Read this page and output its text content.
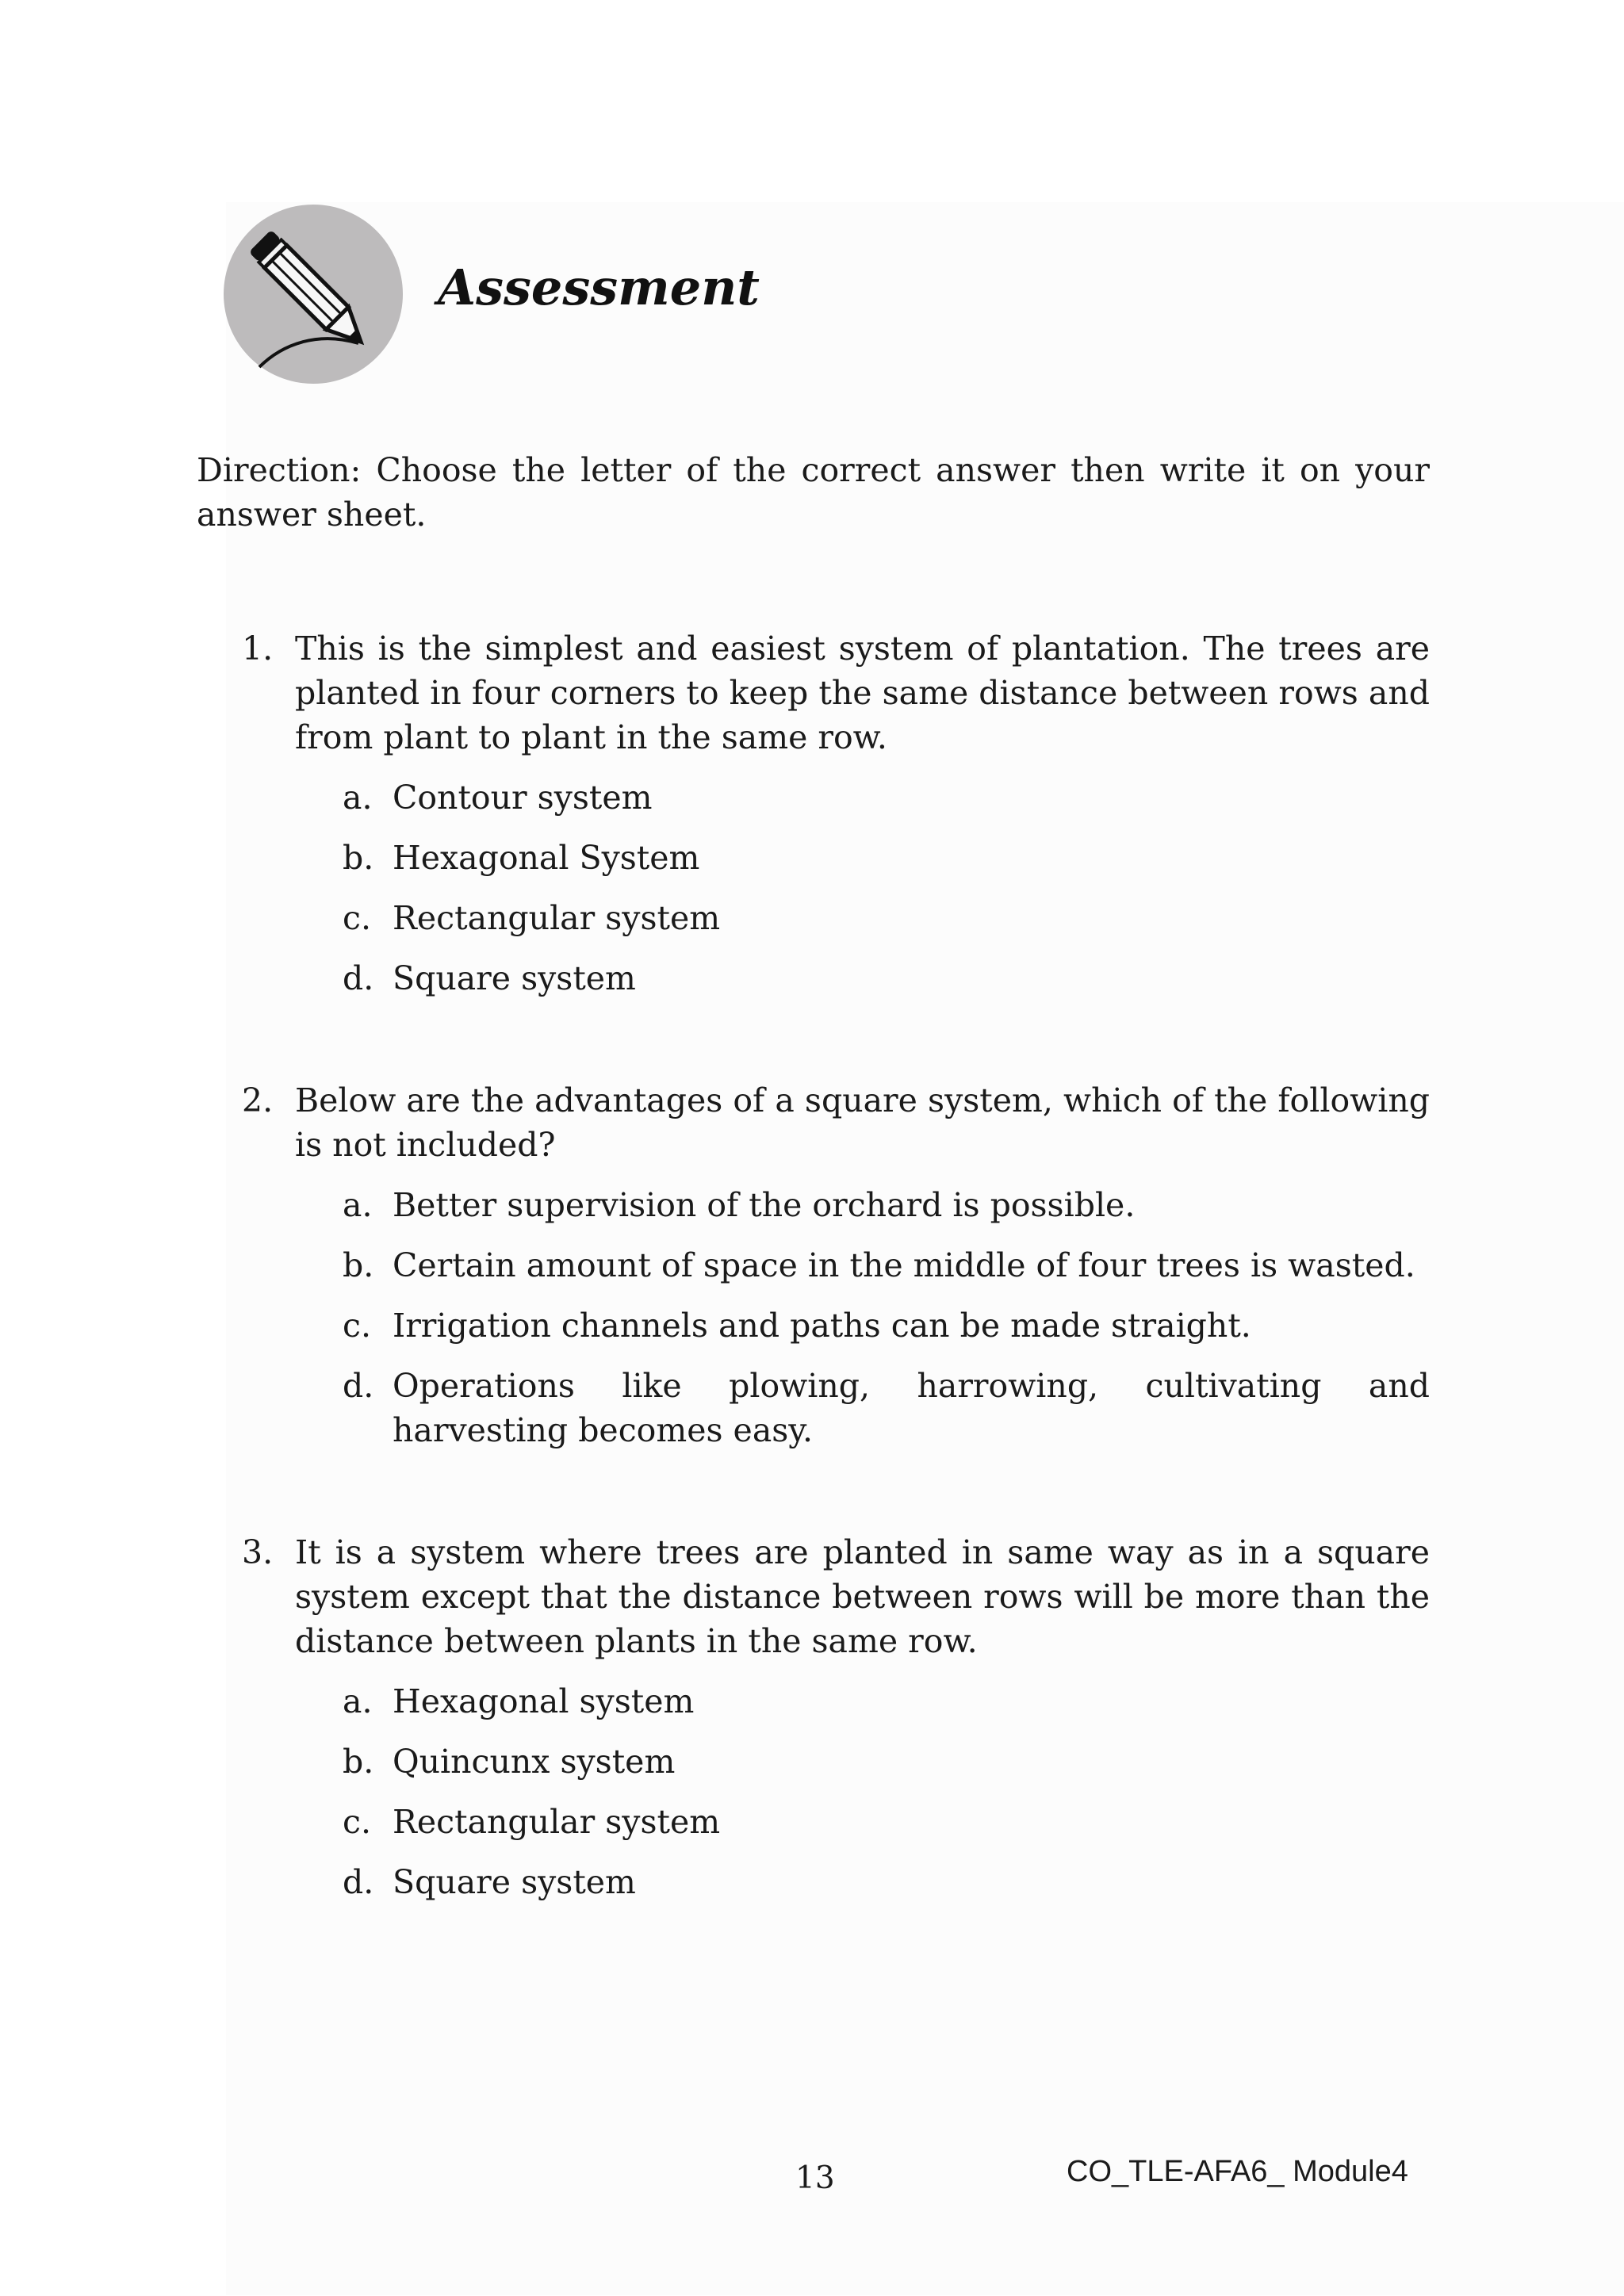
Assessment
Direction: Choose the letter of the correct answer then write it on your answer sheet.
1. This is the simplest and easiest system of plantation. The trees are planted in four corners to keep the same distance between rows and from plant to plant in the same row.
a. Contour system
b. Hexagonal System
c. Rectangular system
d. Square system
2. Below are the advantages of a square system, which of the following is not included?
a. Better supervision of the orchard is possible.
b. Certain amount of space in the middle of four trees is wasted.
c. Irrigation channels and paths can be made straight.
d. Operations like plowing, harrowing, cultivating and harvesting becomes easy.
3. It is a system where trees are planted in same way as in a square system except that the distance between rows will be more than the distance between plants in the same row.
a. Hexagonal system
b. Quincunx system
c. Rectangular system
d. Square system
13	CO_TLE-AFA6_ Module4
